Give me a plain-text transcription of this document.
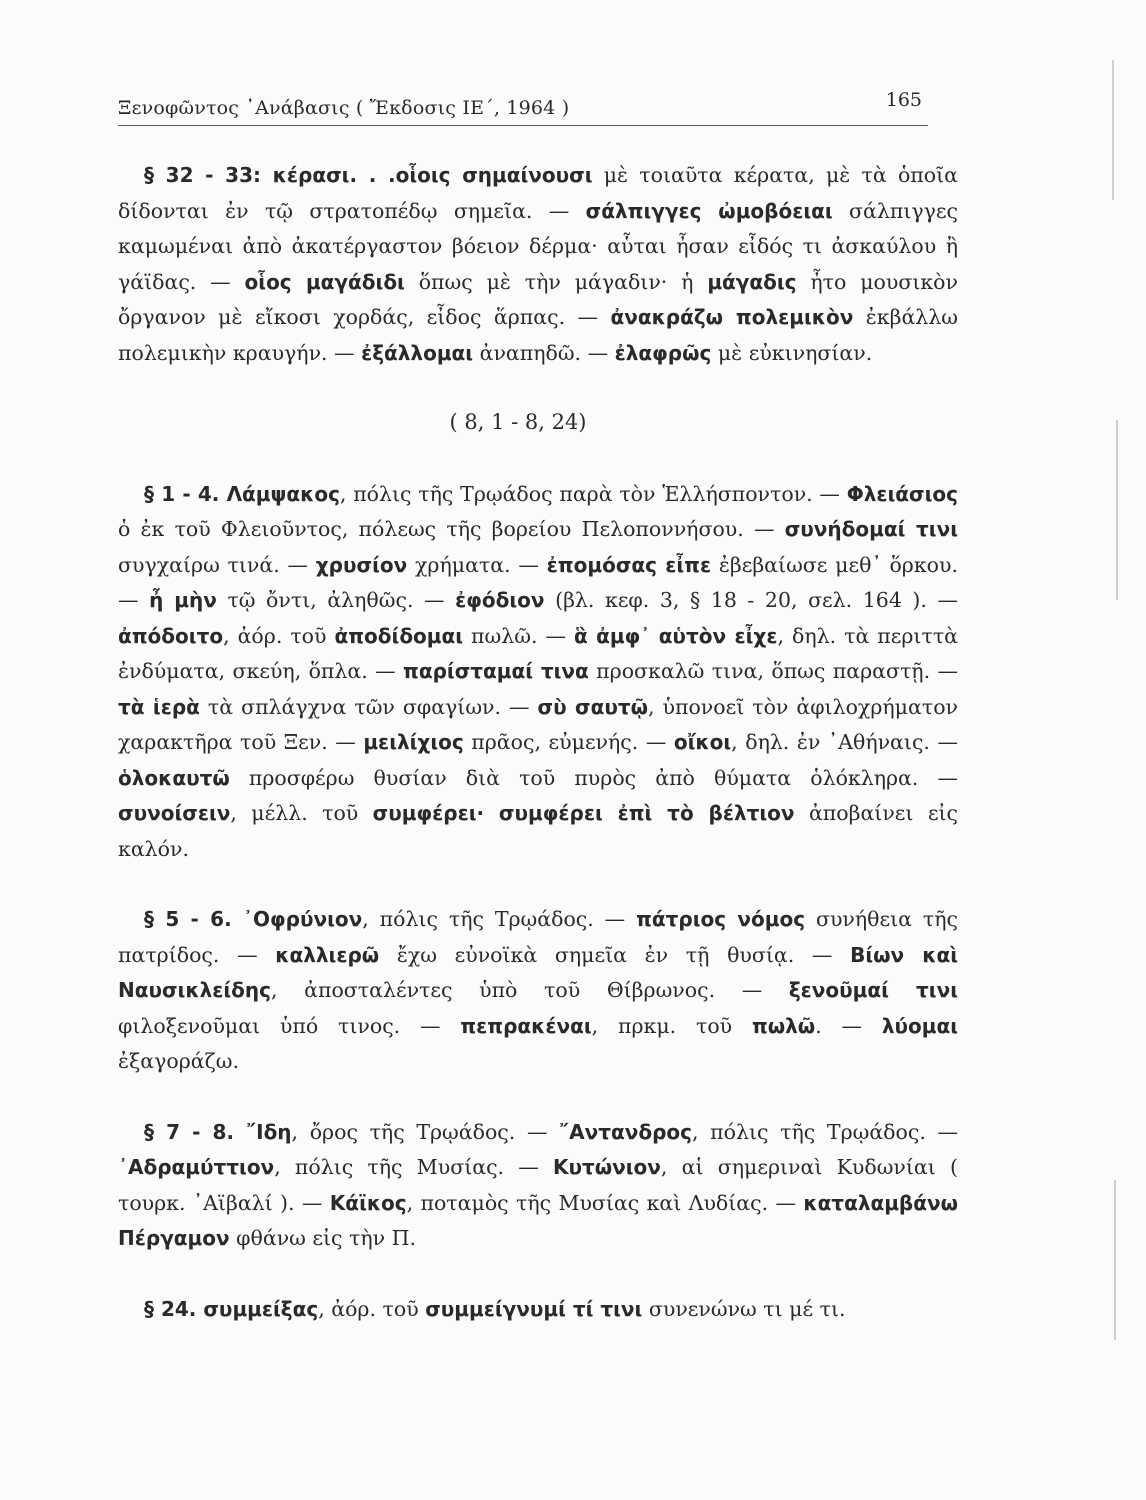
Ξενοφῶντος ᾿Ανάβασις ( Ἔκδοσις ΙΕ΄, 1964 )	165

§ 32 - 33: κέρασι. . .οἷοις σημαίνουσι μὲ τοιαῦτα κέρατα, μὲ τὰ ὁποῖα δίδονται ἐν τῷ στρατοπέδῳ σημεῖα. — σάλπιγγες ὠμοβόειαι σάλπιγγες καμωμέναι ἀπὸ ἀκατέργαστον βόειον δέρμα· αὗται ἦσαν εἶδός τι ἀσκαύλου ἢ γάϊδας. — οἷος μαγάδιδι ὅπως μὲ τὴν μάγαδιν· ἡ μάγαδις ἦτο μουσικὸν ὄργανον μὲ εἴκοσι χορδάς, εἶδος ἅρπας. — ἀνακράζω πολεμικὸν ἐκβάλλω πολεμικὴν κραυγήν. — ἐξάλλομαι ἀναπηδῶ. — ἐλαφρῶς μὲ εὐκινησίαν.

( 8, 1 - 8, 24)

§ 1 - 4. Λάμψακος, πόλις τῆς Τρῳάδος παρὰ τὸν Ἑλλήσποντον. — Φλειάσιος ὁ ἐκ τοῦ Φλειοῦντος, πόλεως τῆς βορείου Πελοποννήσου. — συνήδομαί τινι συγχαίρω τινά. — χρυσίον χρήματα. — ἐπομόσας εἶπε ἐβεβαίωσε μεθ᾿ ὅρκου. — ἦ μὴν τῷ ὄντι, ἀληθῶς. — ἐφόδιον (βλ. κεφ. 3, § 18 - 20, σελ. 164 ). — ἀπόδοιτο, ἀόρ. τοῦ ἀποδίδομαι πωλῶ. — ἃ ἀμφ᾿ αὑτὸν εἶχε, δηλ. τὰ περιττὰ ἐνδύματα, σκεύη, ὅπλα. — παρίσταμαί τινα προσκαλῶ τινα, ὅπως παραστῇ. — τὰ ἱερὰ τὰ σπλάγχνα τῶν σφαγίων. — σὺ σαυτῷ, ὑπονοεῖ τὸν ἀφιλοχρήματον χαρακτῆρα τοῦ Ξεν. — μειλίχιος πρᾶος, εὐμενής. — οἴκοι, δηλ. ἐν ᾿Αθήναις. — ὁλοκαυτῶ προσφέρω θυσίαν διὰ τοῦ πυρὸς ἀπὸ θύματα ὁλόκληρα. — συνοίσειν, μέλλ. τοῦ συμφέρει· συμφέρει ἐπὶ τὸ βέλτιον ἀποβαίνει εἰς καλόν.

§ 5 - 6. ᾿Οφρύνιον, πόλις τῆς Τρῳάδος. — πάτριος νόμος συνήθεια τῆς πατρίδος. — καλλιερῶ ἔχω εὐνοϊκὰ σημεῖα ἐν τῇ θυσίᾳ. — Βίων καὶ Ναυσικλείδης, ἀποσταλέντες ὑπὸ τοῦ Θίβρωνος. — ξενοῦμαί τινι φιλοξενοῦμαι ὑπό τινος. — πεπρακέναι, πρκμ. τοῦ πωλῶ. — λύομαι ἐξαγοράζω.

§ 7 - 8. ῎Ιδη, ὄρος τῆς Τρῳάδος. — ῎Αντανδρος, πόλις τῆς Τρῳάδος. — ᾿Αδραμύττιον, πόλις τῆς Μυσίας. — Κυτώνιον, αἱ σημεριναὶ Κυδωνίαι ( τουρκ. ᾿Αϊβαλί ). — Κάϊκος, ποταμὸς τῆς Μυσίας καὶ Λυδίας. — καταλαμβάνω Πέργαμον φθάνω εἰς τὴν Π.

§ 24. συμμείξας, ἀόρ. τοῦ συμμείγνυμί τί τινι συνενώνω τι μέ τι.
